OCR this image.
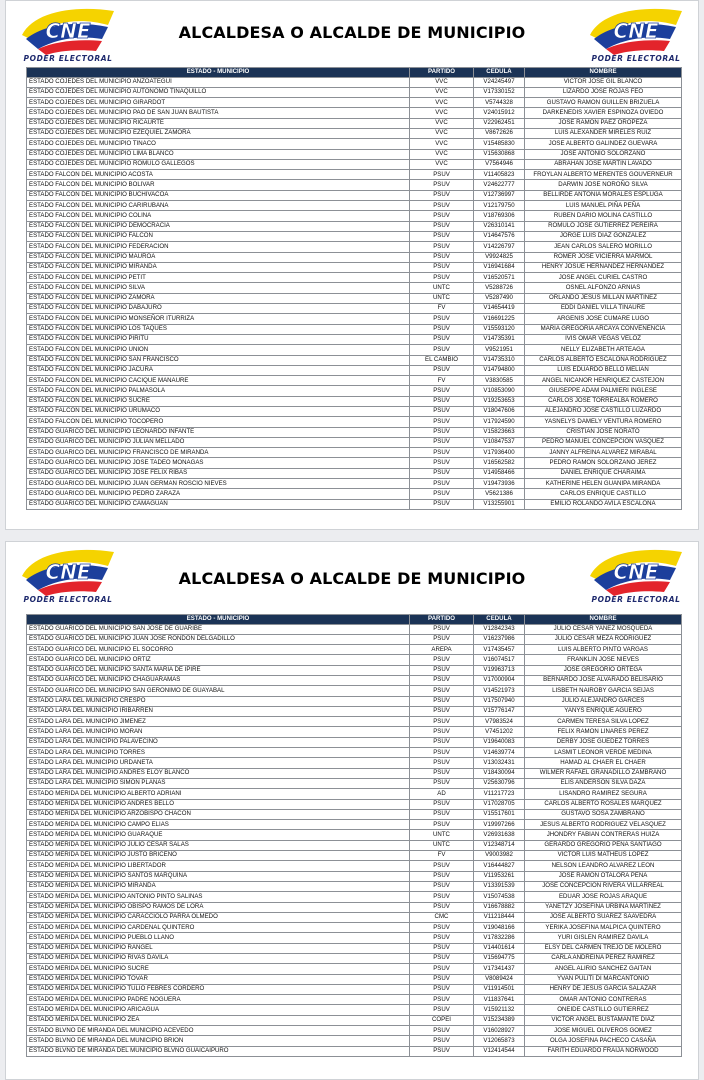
CNE
PODER ELECTORAL
ALCALDESA O ALCALDE DE MUNICIPIO	CNE
PODER ELECTORAL
ESTADO - MUNICIPIO	PARTIDO	CEDULA	NOMBRE
ESTADO COJEDES DEL MUNICIPIO ANZOATEGUI	VVC	V24245497	VICTOR JOSE GIL BLANCO
ESTADO COJEDES DEL MUNICIPIO AUTONOMO TINAQUILLO	VVC	V17330152	LIZARDO JOSE ROJAS FEO
ESTADO COJEDES DEL MUNICIPIO GIRARDOT	VVC	V5744328	GUSTAVO RAMON GUILLEN BRIZUELA
ESTADO COJEDES DEL MUNICIPIO PAO DE SAN JUAN BAUTISTA	VVC	V24015912	DARKENEDIS XAVIER ESPINOZA OVIEDO
ESTADO COJEDES DEL MUNICIPIO RICAURTE	VVC	V22962451	JOSE RAMON PAEZ OROPEZA
ESTADO COJEDES DEL MUNICIPIO EZEQUIEL ZAMORA	VVC	V8672626	LUIS ALEXANDER MIRELES RUIZ
ESTADO COJEDES DEL MUNICIPIO TINACO	VVC	V15485830	JOSE ALBERTO GALINDEZ GUEVARA
ESTADO COJEDES DEL MUNICIPIO LIMA BLANCO	VVC	V15630868	JOSE ANTONIO SOLORZANO
ESTADO COJEDES DEL MUNICIPIO ROMULO GALLEGOS	VVC	V7564946	ABRAHAN JOSE MARTIN LAVADO
ESTADO FALCON DEL MUNICIPIO ACOSTA	PSUV	V11405823	FROYLAN ALBERTO MERENTES GOUVERNEUR
ESTADO FALCON DEL MUNICIPIO BOLIVAR	PSUV	V24622777	DARWIN JOSE NOROÑO SILVA
ESTADO FALCON DEL MUNICIPIO BUCHIVACOA	PSUV	V12736997	BELLIRDE ANTONIA MORALES ESPLUGA
ESTADO FALCON DEL MUNICIPIO CARIRUBANA	PSUV	V12179750	LUIS MANUEL PIÑA PEÑA
ESTADO FALCON DEL MUNICIPIO COLINA	PSUV	V18769306	RUBEN DARIO MOLINA CASTILLO
ESTADO FALCON DEL MUNICIPIO DEMOCRACIA	PSUV	V26310141	ROMULO JOSE GUTIERREZ PEREIRA
ESTADO FALCON DEL MUNICIPIO FALCON	PSUV	V14647576	JORGE LUIS DIAZ GONZALEZ
ESTADO FALCON DEL MUNICIPIO FEDERACION	PSUV	V14226797	JEAN CARLOS SALERO MORILLO
ESTADO FALCON DEL MUNICIPIO MAUROA	PSUV	V9924825	ROMER JOSE VICIERRA MARMOL
ESTADO FALCON DEL MUNICIPIO MIRANDA	PSUV	V16941684	HENRY JOSUE HERNANDEZ HERNANDEZ
ESTADO FALCON DEL MUNICIPIO PETIT	PSUV	V16520571	JOSE ANGEL CURIEL CASTRO
ESTADO FALCON DEL MUNICIPIO SILVA	UNTC	V5288726	OSNEL ALFONZO ARNIAS
ESTADO FALCON DEL MUNICIPIO ZAMORA	UNTC	V5287490	ORLANDO JESUS MILLAN MARTINEZ
ESTADO FALCON DEL MUNICIPIO DABAJURO	FV	V14654419	EDDI DANIEL VILLA TINAURE
ESTADO FALCON DEL MUNICIPIO MONSEÑOR ITURRIZA	PSUV	V16691225	ARGENIS JOSE CUMARE LUGO
ESTADO FALCON DEL MUNICIPIO LOS TAQUES	PSUV	V15593120	MARIA GREGORIA ARCAYA CONVENENCIA
ESTADO FALCON DEL MUNICIPIO PIRITU	PSUV	V14735391	IVIS OMAR VEGAS VELOZ
ESTADO FALCON DEL MUNICIPIO UNION	PSUV	V9521951	NELLY ELIZABETH ARTEAGA
ESTADO FALCON DEL MUNICIPIO SAN FRANCISCO	EL CAMBIO	V14735310	CARLOS ALBERTO ESCALONA RODRIGUEZ
ESTADO FALCON DEL MUNICIPIO JACURA	PSUV	V14794800	LUIS EDUARDO BELLO MELIAN
ESTADO FALCON DEL MUNICIPIO CACIQUE MANAURE	FV	V3830585	ANGEL NICANOR HENRIQUEZ CASTEJON
ESTADO FALCON DEL MUNICIPIO PALMASOLA	PSUV	V10853090	GIUSEPPE ADAM PALMIERI INGLESE
ESTADO FALCON DEL MUNICIPIO SUCRE	PSUV	V19253653	CARLOS JOSE TORREALBA ROMERO
ESTADO FALCON DEL MUNICIPIO URUMACO	PSUV	V18047606	ALEJANDRO JOSE CASTILLO LUZARDO
ESTADO FALCON DEL MUNICIPIO TOCOPERO	PSUV	V17924590	YASNELYS DAMELY VENTURA ROMERO
ESTADO GUARICO DEL MUNICIPIO LEONARDO INFANTE	PSUV	V15823663	CRISTIAN JOSE NORATO
ESTADO GUARICO DEL MUNICIPIO JULIAN MELLADO	PSUV	V10847537	PEDRO MANUEL CONCEPCION VASQUEZ
ESTADO GUARICO DEL MUNICIPIO FRANCISCO DE MIRANDA	PSUV	V17936400	JANNY ALFREINA ALVAREZ MIRABAL
ESTADO GUARICO DEL MUNICIPIO JOSE TADEO MONAGAS	PSUV	V16562582	PEDRO RAMON SOLORZANO JEREZ
ESTADO GUARICO DEL MUNICIPIO JOSE FELIX RIBAS	PSUV	V14958466	DANIEL ENRIQUE CHARAIMA
ESTADO GUARICO DEL MUNICIPIO JUAN GERMAN ROSCIO NIEVES	PSUV	V19473936	KATHERINE HELEN GUANIPA MIRANDA
ESTADO GUARICO DEL MUNICIPIO PEDRO ZARAZA	PSUV	V5621386	CARLOS ENRIQUE CASTILLO
ESTADO GUARICO DEL MUNICIPIO CAMAGUAN	PSUV	V13255901	EMILIO ROLANDO AVILA ESCALONA
CNE
PODER ELECTORAL
ALCALDESA O ALCALDE DE MUNICIPIO	CNE
PODER ELECTORAL
ESTADO - MUNICIPIO	PARTIDO	CEDULA	NOMBRE
ESTADO GUARICO DEL MUNICIPIO SAN JOSE DE GUARIBE	PSUV	V12842343	JULIO CESAR YANEZ MOSQUEDA
ESTADO GUARICO DEL MUNICIPIO JUAN JOSE RONDON DELGADILLO	PSUV	V16237986	JULIO CESAR MEZA RODRIGUEZ
ESTADO GUARICO DEL MUNICIPIO EL SOCORRO	AREPA	V17435457	LUIS ALBERTO PINTO VARGAS
ESTADO GUARICO DEL MUNICIPIO ORTIZ	PSUV	V16074517	FRANKLIN JOSE NIEVES
ESTADO GUARICO DEL MUNICIPIO SANTA MARIA DE IPIRE	PSUV	V19963713	JOSE GREGORIO ORTEGA
ESTADO GUARICO DEL MUNICIPIO CHAGUARAMAS	PSUV	V17000904	BERNARDO JOSE ALVARADO BELISARIO
ESTADO GUARICO DEL MUNICIPIO SAN GERONIMO DE GUAYABAL	PSUV	V14521973	LISBETH NAIROBY GARCIA SEIJAS
ESTADO LARA DEL MUNICIPIO CRESPO	PSUV	V17507940	JULIO ALEJANDRO GARCES
ESTADO LARA DEL MUNICIPIO IRIBARREN	PSUV	V15776147	YANYS ENRIQUE AGUERO
ESTADO LARA DEL MUNICIPIO JIMENEZ	PSUV	V7983524	CARMEN TERESA SILVA LOPEZ
ESTADO LARA DEL MUNICIPIO MORAN	PSUV	V7451202	FELIX RAMON LINARES PEREZ
ESTADO LARA DEL MUNICIPIO PALAVECINO	PSUV	V19640083	DERBY JOSE GUEDEZ TORRES
ESTADO LARA DEL MUNICIPIO TORRES	PSUV	V14639774	LASMIT LEONOR VERDE MEDINA
ESTADO LARA DEL MUNICIPIO URDANETA	PSUV	V13032431	HAMAD AL CHAER EL CHAER
ESTADO LARA DEL MUNICIPIO ANDRES ELOY BLANCO	PSUV	V18430094	WILMER RAFAEL GRANADILLO ZAMBRANO
ESTADO LARA DEL MUNICIPIO SIMON PLANAS	PSUV	V25630796	ELIS ANDERSON SILVA DAZA
ESTADO MERIDA DEL MUNICIPIO ALBERTO ADRIANI	AD	V11217723	LISANDRO RAMIREZ SEGURA
ESTADO MERIDA DEL MUNICIPIO ANDRES BELLO	PSUV	V17028705	CARLOS ALBERTO ROSALES MARQUEZ
ESTADO MERIDA DEL MUNICIPIO ARZOBISPO CHACON	PSUV	V15517601	GUSTAVO SOSA ZAMBRANO
ESTADO MERIDA DEL MUNICIPIO CAMPO ELIAS	PSUV	V19997266	JESUS ALBERTO RODRIGUEZ VELASQUEZ
ESTADO MERIDA DEL MUNICIPIO GUARAQUE	UNTC	V26931638	JHONDRY FABIAN CONTRERAS HUIZA
ESTADO MERIDA DEL MUNICIPIO JULIO CESAR SALAS	UNTC	V12348714	GERARDO GREGORIO PEÑA SANTIAGO
ESTADO MERIDA DEL MUNICIPIO JUSTO BRICEÑO	FV	V9003982	VICTOR LUIS MATHEUS LOPEZ
ESTADO MERIDA DEL MUNICIPIO LIBERTADOR	PSUV	V16444827	NELSON LEANDRO ALVAREZ LEON
ESTADO MERIDA DEL MUNICIPIO SANTOS MARQUINA	PSUV	V11953261	JOSE RAMON OTALORA PEÑA
ESTADO MERIDA DEL MUNICIPIO MIRANDA	PSUV	V13391539	JOSE CONCEPCION RIVERA VILLARREAL
ESTADO MERIDA DEL MUNICIPIO ANTONIO PINTO SALINAS	PSUV	V15074538	EDUAR JOSE ROJAS ARAQUE
ESTADO MERIDA DEL MUNICIPIO OBISPO RAMOS DE LORA	PSUV	V16678882	YANETZY JOSEFINA URBINA MARTINEZ
ESTADO MERIDA DEL MUNICIPIO CARACCIOLO PARRA OLMEDO	CMC	V11218444	JOSE ALBERTO SUAREZ SAAVEDRA
ESTADO MERIDA DEL MUNICIPIO CARDENAL QUINTERO	PSUV	V19048166	YERIKA JOSEFINA MALPICA QUINTERO
ESTADO MERIDA DEL MUNICIPIO PUEBLO LLANO	PSUV	V17832286	YURI GISLEN RAMIREZ DAVILA
ESTADO MERIDA DEL MUNICIPIO RANGEL	PSUV	V14401614	ELSY DEL CARMEN TREJO DE MOLERO
ESTADO MERIDA DEL MUNICIPIO RIVAS DAVILA	PSUV	V15694775	CARLA ANDREINA PEREZ RAMIREZ
ESTADO MERIDA DEL MUNICIPIO SUCRE	PSUV	V17341437	ANGEL ALIRIO SANCHEZ GAITAN
ESTADO MERIDA DEL MUNICIPIO TOVAR	PSUV	V8089424	YVAN PULITI DI MARCANTONIO
ESTADO MERIDA DEL MUNICIPIO TULIO FEBRES CORDERO	PSUV	V11914501	HENRY DE JESUS GARCIA SALAZAR
ESTADO MERIDA DEL MUNICIPIO PADRE NOGUERA	PSUV	V11837641	OMAR ANTONIO CONTRERAS
ESTADO MERIDA DEL MUNICIPIO ARICAGUA	PSUV	V15921132	ONEIDE CASTILLO GUTIERREZ
ESTADO MERIDA DEL MUNICIPIO ZEA	COPEI	V15234389	VICTOR ANGEL BUSTAMANTE DIAZ
ESTADO BLVNO DE MIRANDA DEL MUNICIPIO ACEVEDO	PSUV	V16028927	JOSE MIGUEL OLIVEROS GOMEZ
ESTADO BLVNO DE MIRANDA DEL MUNICIPIO BRION	PSUV	V12065873	OLGA JOSEFINA PACHECO CASAÑA
ESTADO BLVNO DE MIRANDA DEL MUNICIPIO BLVNO GUAICAIPURO	PSUV	V12414544	FARITH EDUARDO FRAIJA NORWOOD
